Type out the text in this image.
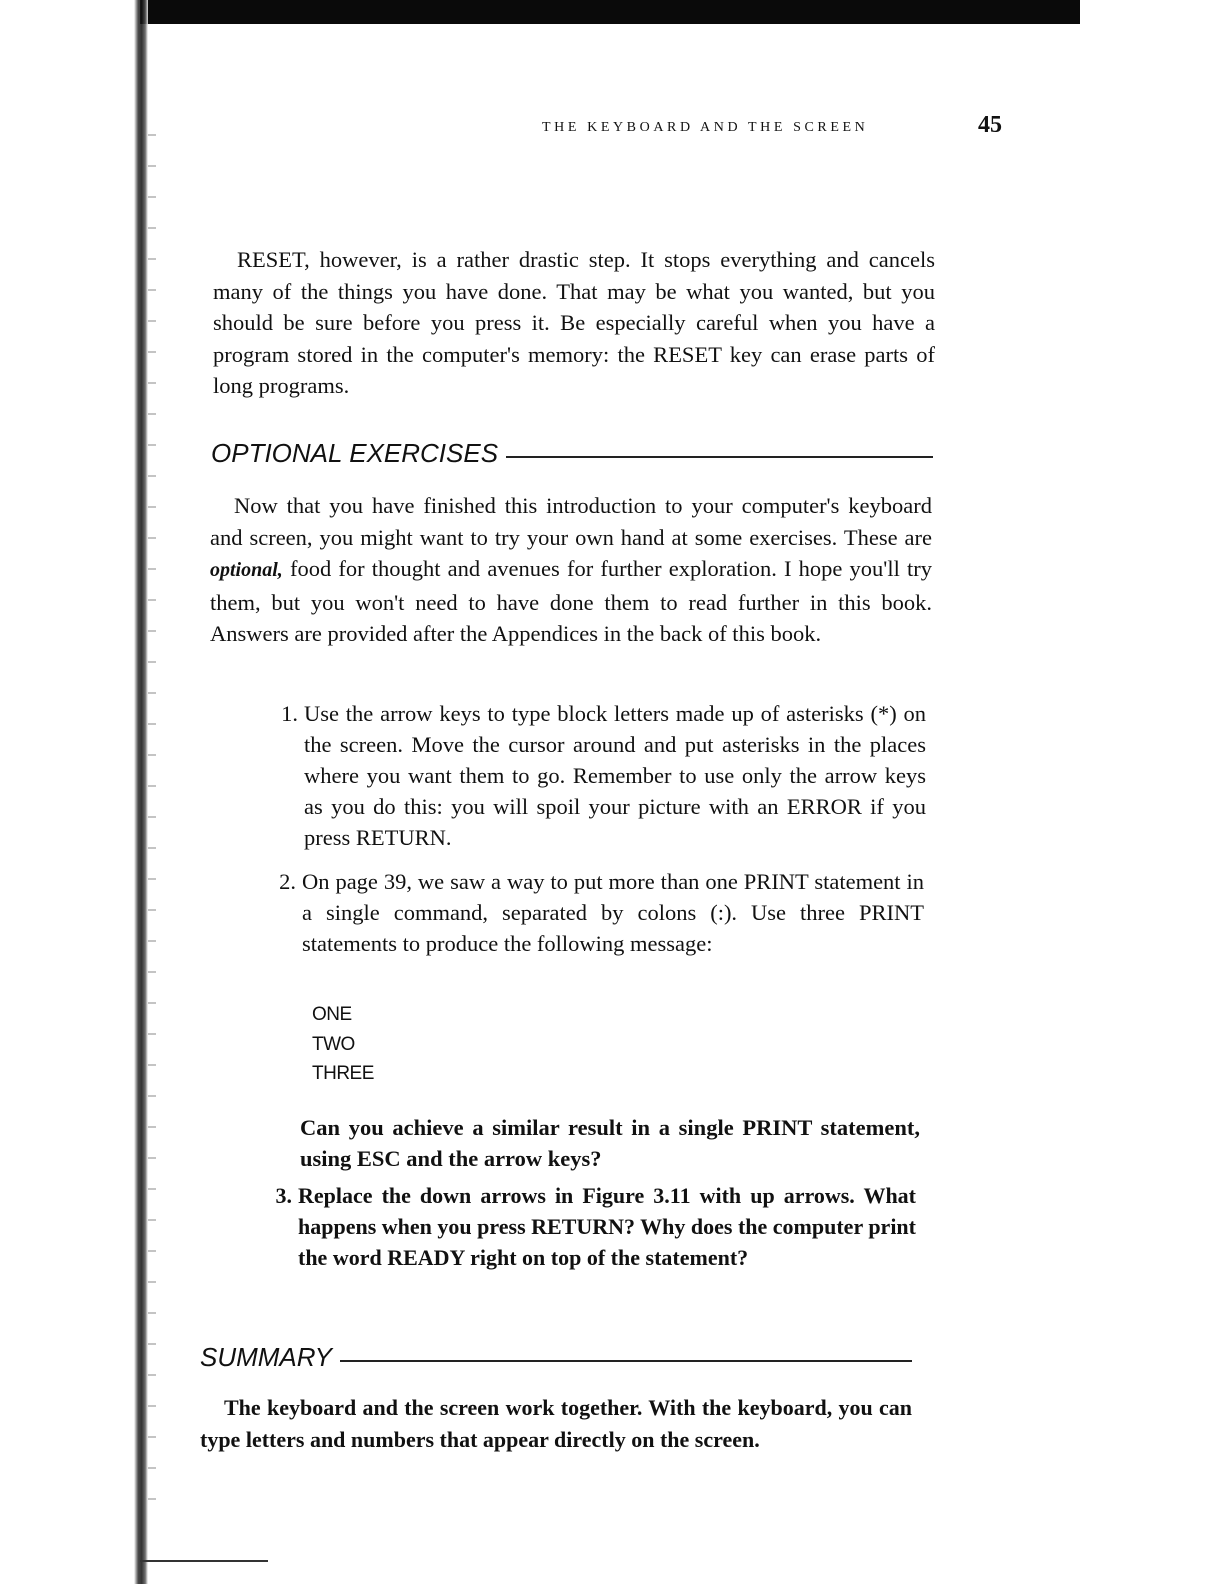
THE KEYBOARD AND THE SCREEN	45

RESET, however, is a rather drastic step. It stops everything and cancels many of the things you have done. That may be what you wanted, but you should be sure before you press it. Be especially careful when you have a program stored in the computer's memory: the RESET key can erase parts of long programs.

OPTIONAL EXERCISES

Now that you have finished this introduction to your computer's keyboard and screen, you might want to try your own hand at some exercises. These are optional, food for thought and avenues for further exploration. I hope you'll try them, but you won't need to have done them to read further in this book. Answers are provided after the Appendices in the back of this book.

1. Use the arrow keys to type block letters made up of asterisks (*) on the screen. Move the cursor around and put asterisks in the places where you want them to go. Remember to use only the arrow keys as you do this: you will spoil your picture with an ERROR if you press RETURN.
2. On page 39, we saw a way to put more than one PRINT statement in a single command, separated by colons (:). Use three PRINT statements to produce the following message:
ONE
TWO
THREE
Can you achieve a similar result in a single PRINT statement, using ESC and the arrow keys?
3. Replace the down arrows in Figure 3.11 with up arrows. What happens when you press RETURN? Why does the computer print the word READY right on top of the statement?
SUMMARY

The keyboard and the screen work together. With the keyboard, you can type letters and numbers that appear directly on the screen.
